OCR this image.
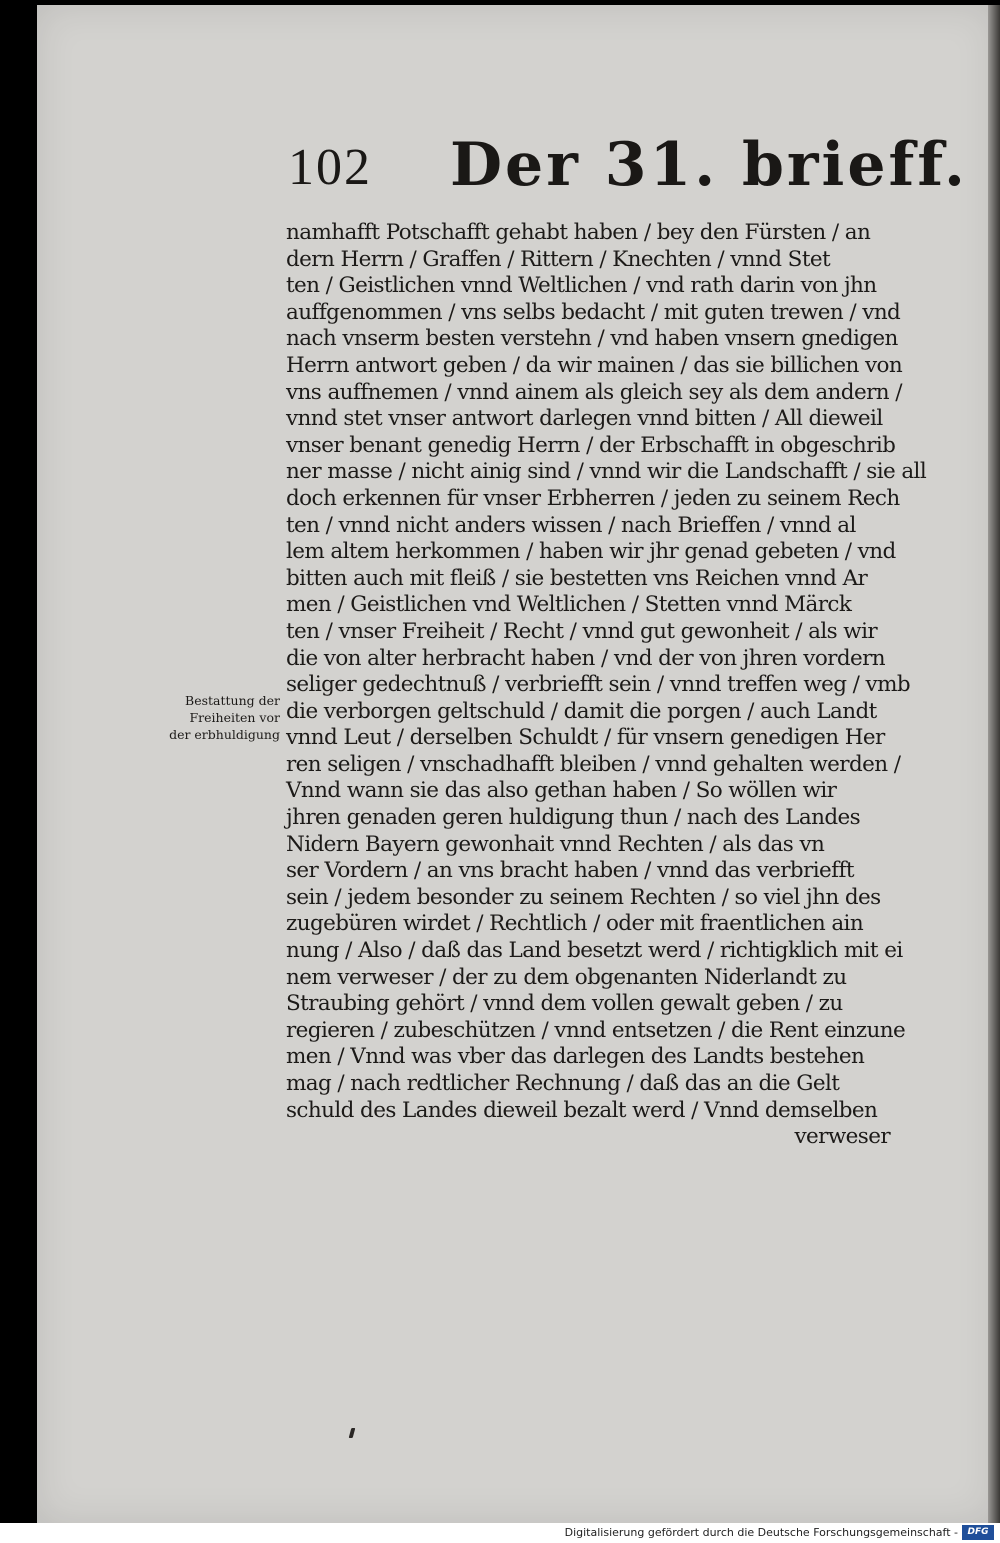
102 Der 31. brieff.
namhafft Potschafft gehabt haben / bey den Fürsten / an
dern Herrn / Graffen / Rittern / Knechten / vnnd Stet
ten / Geistlichen vnnd Weltlichen / vnd rath darin von jhn
auffgenommen / vns selbs bedacht / mit guten trewen / vnd
nach vnserm besten verstehn / vnd haben vnsern gnedigen
Herrn antwort geben / da wir mainen / das sie billichen von
vns auffnemen / vnnd ainem als gleich sey als dem andern /
vnnd stet vnser antwort darlegen vnnd bitten / All dieweil
vnser benant genedig Herrn / der Erbschafft in obgeschrib
ner masse / nicht ainig sind / vnnd wir die Landschafft / sie all
doch erkennen für vnser Erbherren / jeden zu seinem Rech
ten / vnnd nicht anders wissen / nach Brieffen / vnnd al
lem altem herkommen / haben wir jhr genad gebeten / vnd
bitten auch mit fleiß / sie bestetten vns Reichen vnnd Ar
men / Geistlichen vnd Weltlichen / Stetten vnnd Märck
ten / vnser Freiheit / Recht / vnnd gut gewonheit / als wir
die von alter herbracht haben / vnd der von jhren vordern
seliger gedechtnuß / verbriefft sein / vnnd treffen weg / vmb
die verborgen geltschuld / damit die porgen / auch Landt
vnnd Leut / derselben Schuldt / für vnsern genedigen Her
ren seligen / vnschadhafft bleiben / vnnd gehalten werden /
Vnnd wann sie das also gethan haben / So wöllen wir
jhren genaden geren huldigung thun / nach des Landes
Nidern Bayern gewonhait vnnd Rechten / als das vn
ser Vordern / an vns bracht haben / vnnd das verbriefft
sein / jedem besonder zu seinem Rechten / so viel jhn des
zugebüren wirdet / Rechtlich / oder mit fraentlichen ain
nung / Also / daß das Land besetzt werd / richtigklich mit ei
nem verweser / der zu dem obgenanten Niderlandt zu
Straubing gehört / vnnd dem vollen gewalt geben / zu
regieren / zubeschützen / vnnd entsetzen / die Rent einzune
men / Vnnd was vber das darlegen des Landts bestehen
mag / nach redtlicher Rechnung / daß das an die Gelt
schuld des Landes dieweil bezalt werd / Vnnd demselben
verweser
Bestattung der
Freiheiten vor
der erbhuldigung
Digitalisierung gefördert durch die Deutsche Forschungsgemeinschaft -	DFG
